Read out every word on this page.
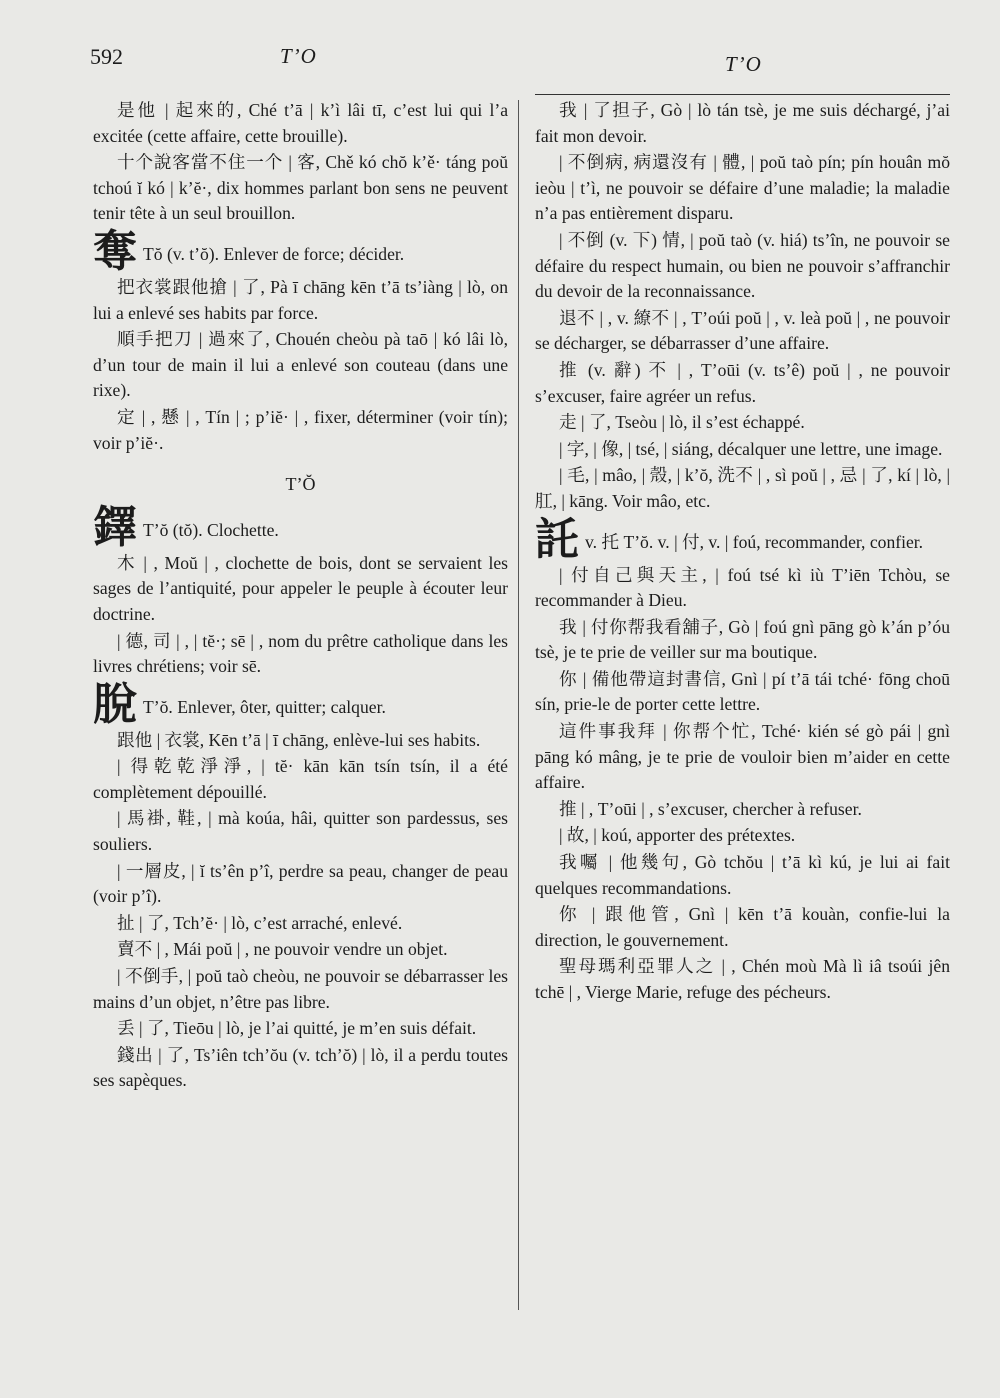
592	T’O	T’O
是他 | 起來的, Ché t’ā | k’ì lâi tī, c’est lui qui l’a excitée (cette affaire, cette brouille).
十个說客當不住一个 | 客, Chě kó chŏ k’ě· táng poŭ tchoú ĭ kó | k’ĕ·, dix hommes parlant bon sens ne peuvent tenir tête à un seul brouillon.
奪 Tŏ (v. t’ŏ). Enlever de force; décider.
把衣裳跟他搶 | 了, Pà ī chāng kēn t’ā ts’iàng | lò, on lui a enlevé ses habits par force.
順手把刀 | 過來了, Chouén cheòu pà taō | kó lâi lò, d’un tour de main il lui a enlevé son couteau (dans une rixe).
定 | , 懸 | , Tín | ; p’iĕ· | , fixer, déterminer (voir tín); voir p’iĕ·.
T’Ŏ
鐸 T’ŏ (tŏ). Clochette.
木 | , Moŭ | , clochette de bois, dont se servaient les sages de l’antiquité, pour appeler le peuple à écouter leur doctrine.
| 德, 司 | , | tĕ·; sē | , nom du prêtre catholique dans les livres chrétiens; voir sē.
脫 T’ŏ. Enlever, ôter, quitter; calquer.
跟他 | 衣裳, Kēn t’ā | ī chāng, enlève-lui ses habits.
| 得乾乾淨淨, | tĕ· kān kān tsín tsín, il a été complètement dépouillé.
| 馬褂, 鞋, | mà koúa, hâi, quitter son pardessus, ses souliers.
| 一層皮, | ĭ ts’ên p’î, perdre sa peau, changer de peau (voir p’î).
扯 | 了, Tch’ĕ· | lò, c’est arraché, enlevé.
賣不 | , Mái poŭ | , ne pouvoir vendre un objet.
| 不倒手, | poŭ taò cheòu, ne pouvoir se débarrasser les mains d’un objet, n’être pas libre.
丢 | 了, Tieōu | lò, je l’ai quitté, je m’en suis défait.
錢出 | 了, Ts’iên tch’ŏu (v. tch’ŏ) | lò, il a perdu toutes ses sapèques.
我 | 了担子, Gò | lò tán tsè, je me suis déchargé, j’ai fait mon devoir.
| 不倒病, 病還沒有 | 體, | poŭ taò pín; pín houân mŏ ieòu | t’ì, ne pouvoir se défaire d’une maladie; la maladie n’a pas entièrement disparu.
| 不倒 (v. 下) 情, | poŭ taò (v. hiá) ts’în, ne pouvoir se défaire du respect humain, ou bien ne pouvoir s’affranchir du devoir de la reconnaissance.
退不 | , v. 繚不 | , T’oúi poŭ | , v. leà poŭ | , ne pouvoir se décharger, se débarrasser d’une affaire.
推 (v. 辭) 不 | , T’oūi (v. ts’ê) poŭ | , ne pouvoir s’excuser, faire agréer un refus.
走 | 了, Tseòu | lò, il s’est échappé.
| 字, | 像, | tsé, | siáng, décalquer une lettre, une image.
| 毛, | mâo, | 殼, | k’ŏ, 洗不 | , sì poŭ | , 忌 | 了, kí | lò, | 肛, | kāng. Voir mâo, etc.
託v. 托 T’ŏ. v. | 付, v. | foú, recommander, confier.
| 付自己與天主, | foú tsé kì iù T’iēn Tchòu, se recommander à Dieu.
我 | 付你帮我看舖子, Gò | foú gnì pāng gò k’án p’óu tsè, je te prie de veiller sur ma boutique.
你 | 備他帶這封書信, Gnì | pí t’ā tái tché· fōng choū sín, prie-le de porter cette lettre.
這件事我拜 | 你帮个忙, Tché· kién sé gò pái | gnì pāng kó mâng, je te prie de vouloir bien m’aider en cette affaire.
推 | , T’oūi | , s’excuser, chercher à refuser.
| 故, | koú, apporter des prétextes.
我囑 | 他幾句, Gò tchŏu | t’ā kì kú, je lui ai fait quelques recommandations.
你 | 跟他管, Gnì | kēn t’ā kouàn, confie-lui la direction, le gouvernement.
聖母瑪利亞罪人之 | , Chén moù Mà lì iâ tsoúi jên tchē | , Vierge Marie, refuge des pécheurs.
